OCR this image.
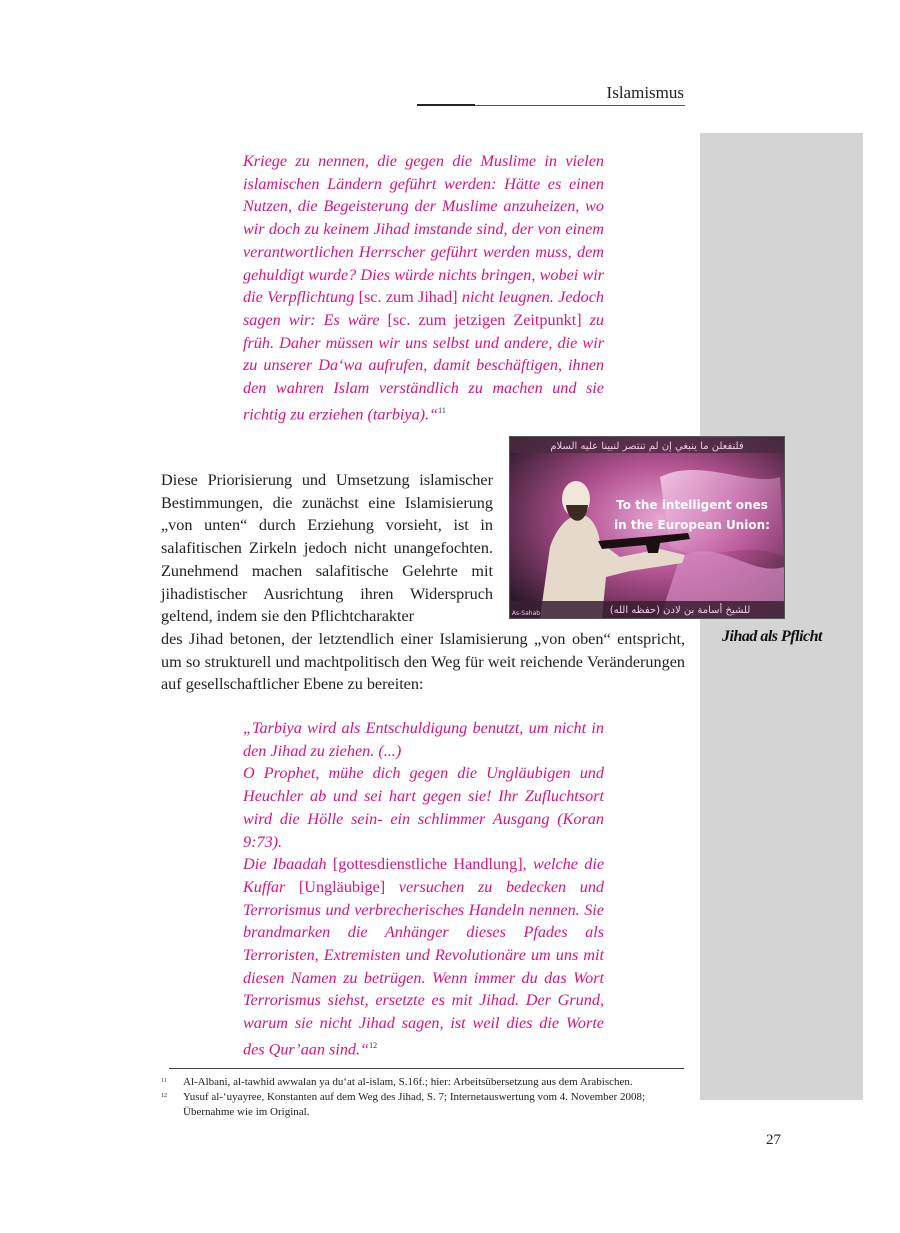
Islamismus
Jihad als Pflicht
Kriege zu nennen, die gegen die Muslime in vielen islamischen Ländern geführt werden: Hätte es einen Nutzen, die Begeisterung der Muslime anzuheizen, wo wir doch zu keinem Jihad imstande sind, der von einem verantwortlichen Herrscher geführt werden muss, dem gehuldigt wurde? Dies würde nichts bringen, wobei wir die Verpflichtung [sc. zum Jihad] nicht leugnen. Jedoch sagen wir: Es wäre [sc. zum jetzigen Zeitpunkt] zu früh. Daher müssen wir uns selbst und andere, die wir zu unserer Da‘wa aufrufen, damit beschäftigen, ihnen den wahren Islam verständlich zu machen und sie richtig zu erziehen (tarbiya).“$^{11}$
Diese Priorisierung und Umsetzung islamischer Bestimmungen, die zunächst eine Islamisierung „von unten“ durch Erziehung vorsieht, ist in salafitischen Zirkeln jedoch nicht unangefochten. Zunehmend machen salafitische Gelehrte mit jihadistischer Ausrichtung ihren Widerspruch geltend, indem sie den Pflichtcharakter
فلنفعلن ما ينبغي إن لم تنتصر لنبينا عليه السلام
To the intelligent ones
in the European Union:
للشيخ أسامة بن لادن (حفظه الله)
As-Sahab
des Jihad betonen, der letztendlich einer Islamisierung „von oben“ entspricht, um so strukturell und machtpolitisch den Weg für weit reichende Veränderungen auf gesellschaftlicher Ebene zu bereiten:
„Tarbiya wird als Entschuldigung benutzt, um nicht in den Jihad zu ziehen. (...)
O Prophet, mühe dich gegen die Ungläubigen und Heuchler ab und sei hart gegen sie! Ihr Zufluchtsort wird die Hölle sein- ein schlimmer Ausgang (Koran 9:73).
Die Ibaadah [gottesdienstliche Handlung], welche die Kuffar [Ungläubige] versuchen zu bedecken und Terrorismus und verbrecherisches Handeln nennen. Sie brandmarken die Anhänger dieses Pfades als Terroristen, Extremisten und Revolutionäre um uns mit diesen Namen zu betrügen. Wenn immer du das Wort Terrorismus siehst, ersetzte es mit Jihad. Der Grund, warum sie nicht Jihad sagen, ist weil dies die Worte des Qur’aan sind.“$^{12}$
11 Al-Albani, al-tawhid awwalan ya du‘at al-islam, S.16f.; hier: Arbeitsübersetzung aus dem Arabischen.
12 Yusuf al-‘uyayree, Konstanten auf dem Weg des Jihad, S. 7; Internetauswertung vom 4. November 2008; Übernahme wie im Original.
27
